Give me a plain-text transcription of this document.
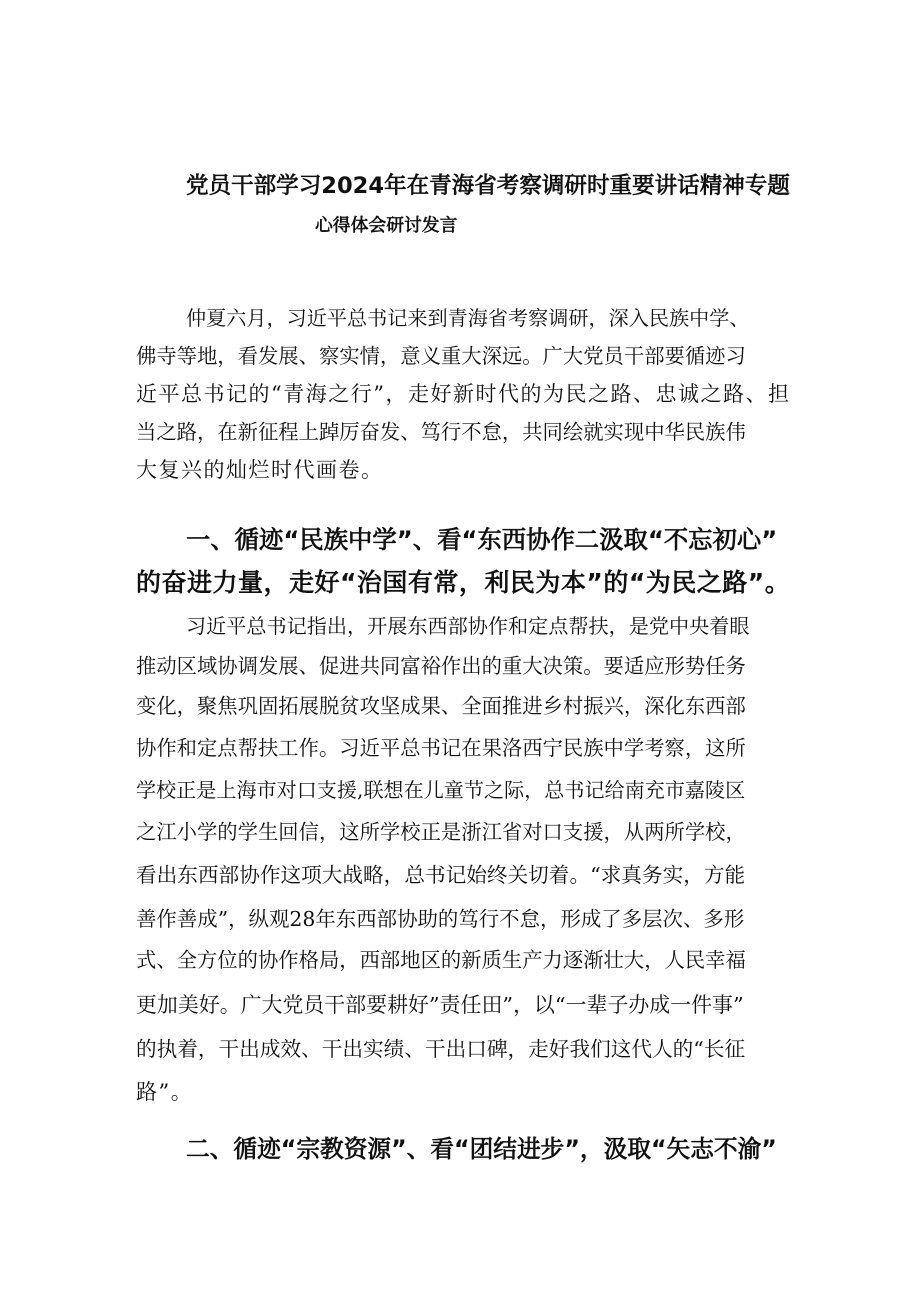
党员干部学习2024年在青海省考察调研时重要讲话精神专题
心得体会研讨发言
仲夏六月，习近平总书记来到青海省考察调研，深入民族中学、
佛寺等地，看发展、察实情，意义重大深远。广大党员干部要循迹习
近平总书记的“青海之行”，走好新时代的为民之路、忠诚之路、担
当之路，在新征程上踔厉奋发、笃行不怠，共同绘就实现中华民族伟
大复兴的灿烂时代画卷。
一、循迹“民族中学”、看“东西协作二汲取“不忘初心”
的奋进力量，走好“治国有常，利民为本”的“为民之路”。
习近平总书记指出，开展东西部协作和定点帮扶，是党中央着眼
推动区域协调发展、促进共同富裕作出的重大决策。要适应形势任务
变化，聚焦巩固拓展脱贫攻坚成果、全面推进乡村振兴，深化东西部
协作和定点帮扶工作。习近平总书记在果洛西宁民族中学考察，这所
学校正是上海市对口支援,联想在儿童节之际，总书记给南充市嘉陵区
之江小学的学生回信，这所学校正是浙江省对口支援，从两所学校，
看出东西部协作这项大战略，总书记始终关切着。“求真务实，方能
善作善成”，纵观28年东西部协助的笃行不怠，形成了多层次、多形
式、全方位的协作格局，西部地区的新质生产力逐渐壮大，人民幸福
更加美好。广大党员干部要耕好”责任田”，以“一辈子办成一件事”
的执着，干出成效、干出实绩、干出口碑，走好我们这代人的“长征
路”。
二、循迹“宗教资源”、看“团结进步”，汲取“矢志不渝”
